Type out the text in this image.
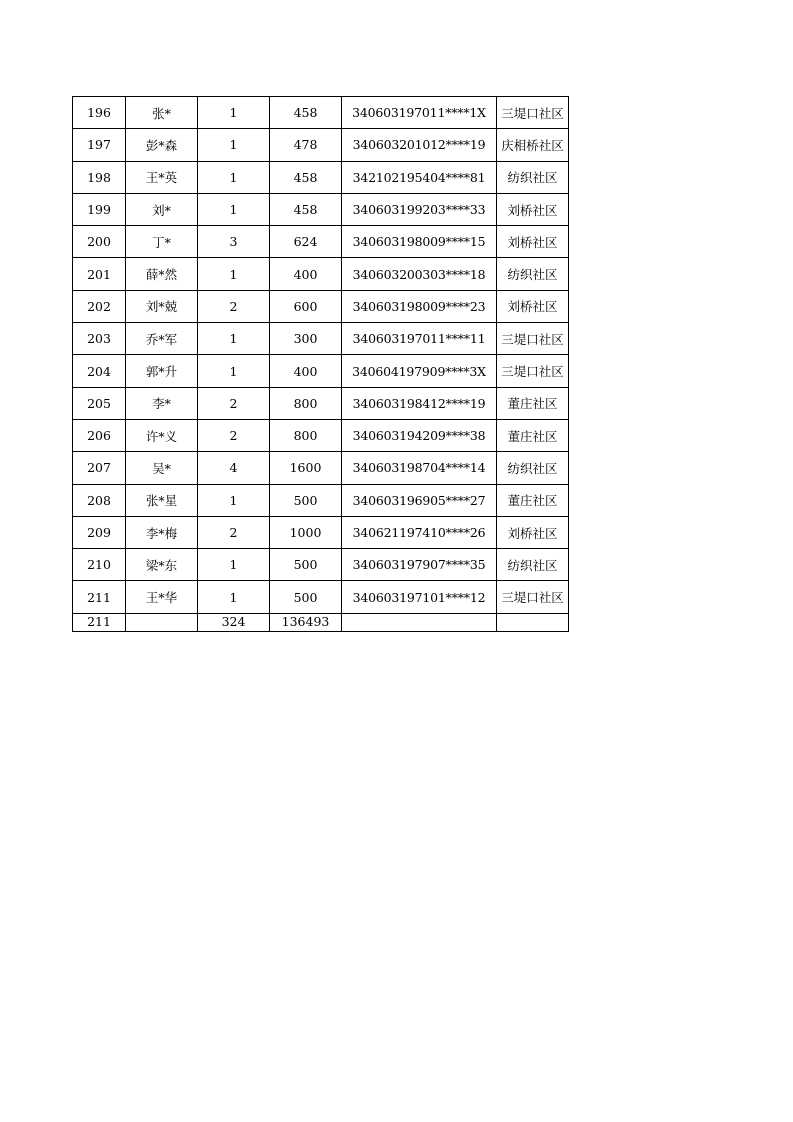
196	张*	1	458	340603197011****1X	三堤口社区
197	彭*森	1	478	340603201012****19	庆相桥社区
198	王*英	1	458	342102195404****81	纺织社区
199	刘*	1	458	340603199203****33	刘桥社区
200	丁*	3	624	340603198009****15	刘桥社区
201	薛*然	1	400	340603200303****18	纺织社区
202	刘*兢	2	600	340603198009****23	刘桥社区
203	乔*军	1	300	340603197011****11	三堤口社区
204	郭*升	1	400	340604197909****3X	三堤口社区
205	李*	2	800	340603198412****19	董庄社区
206	许*义	2	800	340603194209****38	董庄社区
207	吴*	4	1600	340603198704****14	纺织社区
208	张*星	1	500	340603196905****27	董庄社区
209	李*梅	2	1000	340621197410****26	刘桥社区
210	梁*东	1	500	340603197907****35	纺织社区
211	王*华	1	500	340603197101****12	三堤口社区
211		324	136493		
